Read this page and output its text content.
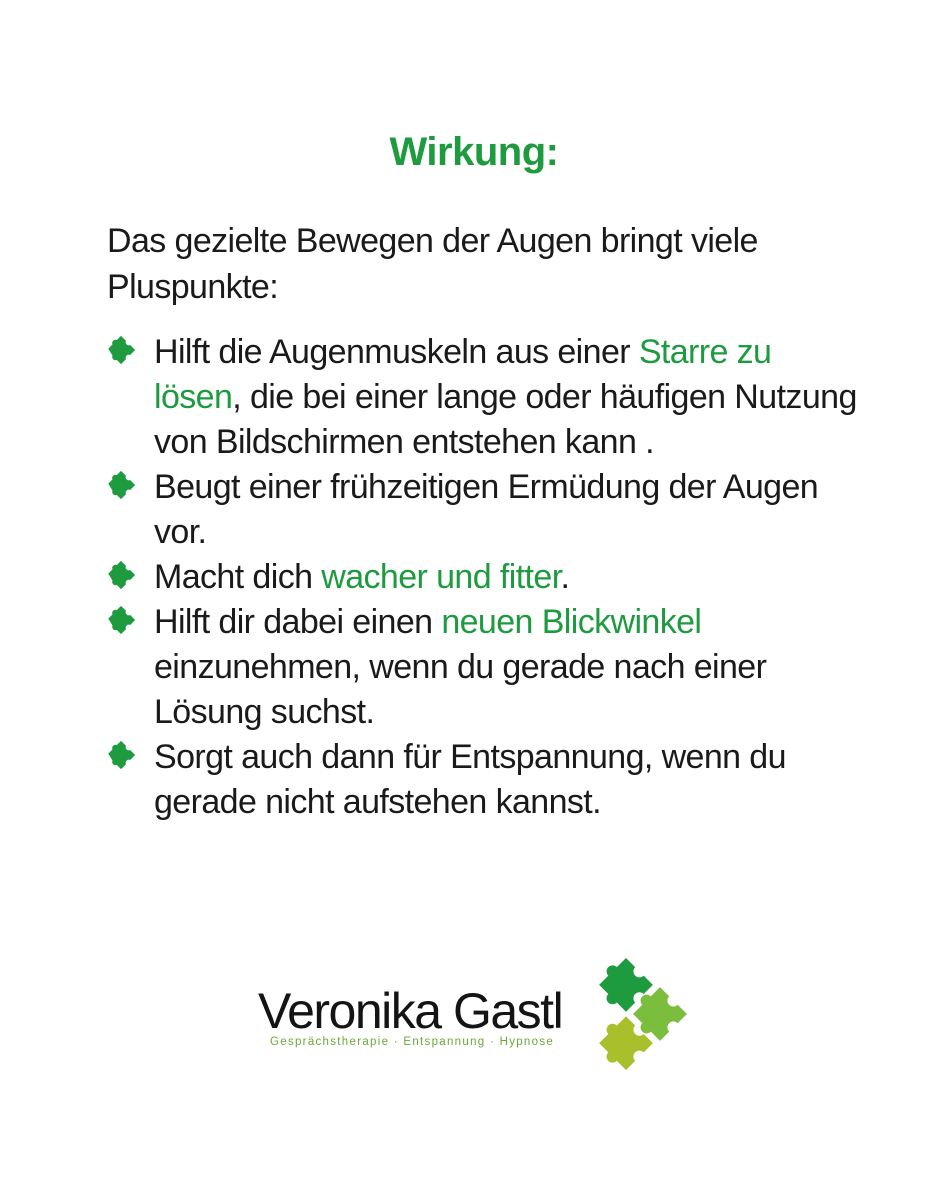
Wirkung:

Das gezielte Bewegen der Augen bringt viele Pluspunkte:

Hilft die Augenmuskeln aus einer Starre zu lösen, die bei einer lange oder häufigen Nutzung von Bildschirmen entstehen kann .
Beugt einer frühzeitigen Ermüdung der Augen vor.
Macht dich wacher und fitter.
Hilft dir dabei einen neuen Blickwinkel einzunehmen, wenn du gerade nach einer Lösung suchst.
Sorgt auch dann für Entspannung, wenn du gerade nicht aufstehen kannst.
Veronika Gastl
Gesprächstherapie · Entspannung · Hypnose
